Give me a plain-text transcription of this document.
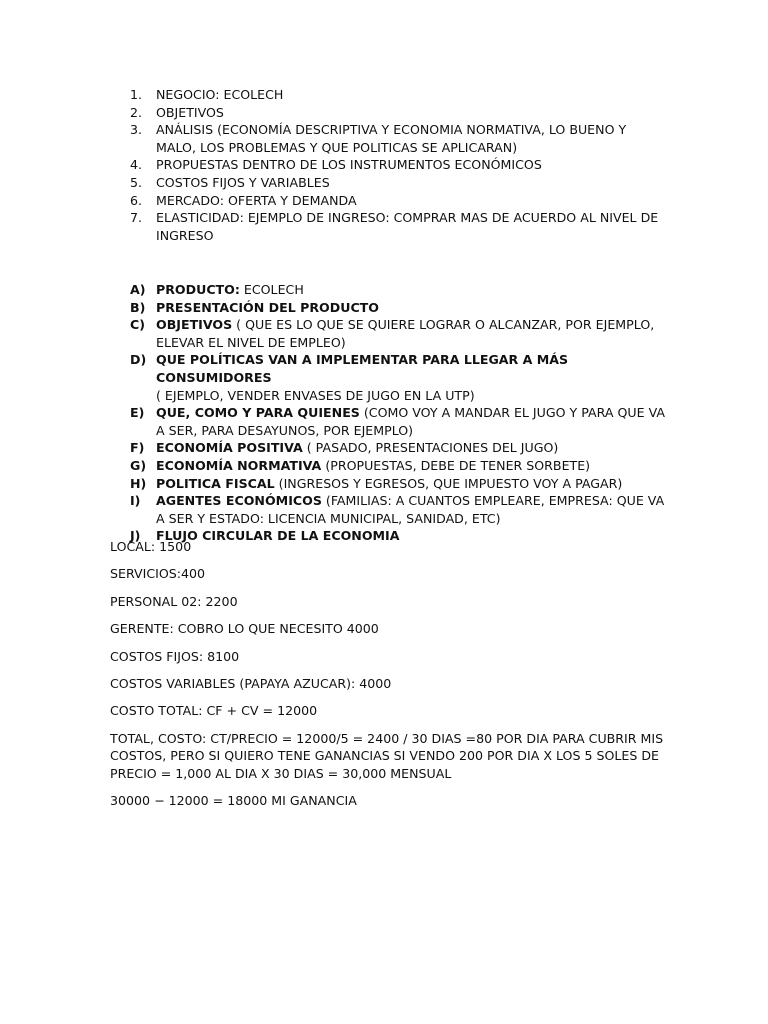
1.	NEGOCIO: ECOLECH
2.	OBJETIVOS
3.	ANÁLISIS (ECONOMÍA DESCRIPTIVA Y ECONOMIA NORMATIVA, LO BUENO Y MALO, LOS PROBLEMAS Y QUE POLITICAS SE APLICARAN)
4.	PROPUESTAS DENTRO DE LOS INSTRUMENTOS ECONÓMICOS
5.	COSTOS FIJOS Y VARIABLES
6.	MERCADO: OFERTA Y DEMANDA
7.	ELASTICIDAD: EJEMPLO DE INGRESO: COMPRAR MAS DE ACUERDO AL NIVEL DE INGRESO
A) PRODUCTO: ECOLECH
B) PRESENTACIÓN DEL PRODUCTO
C) OBJETIVOS ( QUE ES LO QUE SE QUIERE LOGRAR O ALCANZAR, POR EJEMPLO, ELEVAR EL NIVEL DE EMPLEO)
D) QUE POLÍTICAS VAN A IMPLEMENTAR PARA LLEGAR A MÁS CONSUMIDORES
( EJEMPLO, VENDER ENVASES DE JUGO EN LA UTP)
E) QUE, COMO Y PARA QUIENES (COMO VOY A MANDAR EL JUGO Y PARA QUE VA A SER, PARA DESAYUNOS, POR EJEMPLO)
F) ECONOMÍA POSITIVA ( PASADO, PRESENTACIONES DEL JUGO)
G) ECONOMÍA NORMATIVA (PROPUESTAS, DEBE DE TENER SORBETE)
H) POLITICA FISCAL (INGRESOS Y EGRESOS, QUE IMPUESTO VOY A PAGAR)
I)	AGENTES ECONÓMICOS (FAMILIAS: A CUANTOS EMPLEARE, EMPRESA: QUE VA A SER Y ESTADO: LICENCIA MUNICIPAL, SANIDAD, ETC)
J)	FLUJO CIRCULAR DE LA ECONOMIA

LOCAL: 1500

SERVICIOS:400

PERSONAL 02: 2200

GERENTE: COBRO LO QUE NECESITO 4000

COSTOS FIJOS: 8100

COSTOS VARIABLES (PAPAYA AZUCAR): 4000

COSTO TOTAL: CF + CV = 12000

TOTAL, COSTO: CT/PRECIO = 12000/5 = 2400 / 30 DIAS =80 POR DIA PARA CUBRIR MIS COSTOS, PERO SI QUIERO TENE GANANCIAS SI VENDO 200 POR DIA X LOS 5 SOLES DE PRECIO = 1,000 AL DIA X 30 DIAS = 30,000 MENSUAL

30000 − 12000 = 18000 MI GANANCIA
